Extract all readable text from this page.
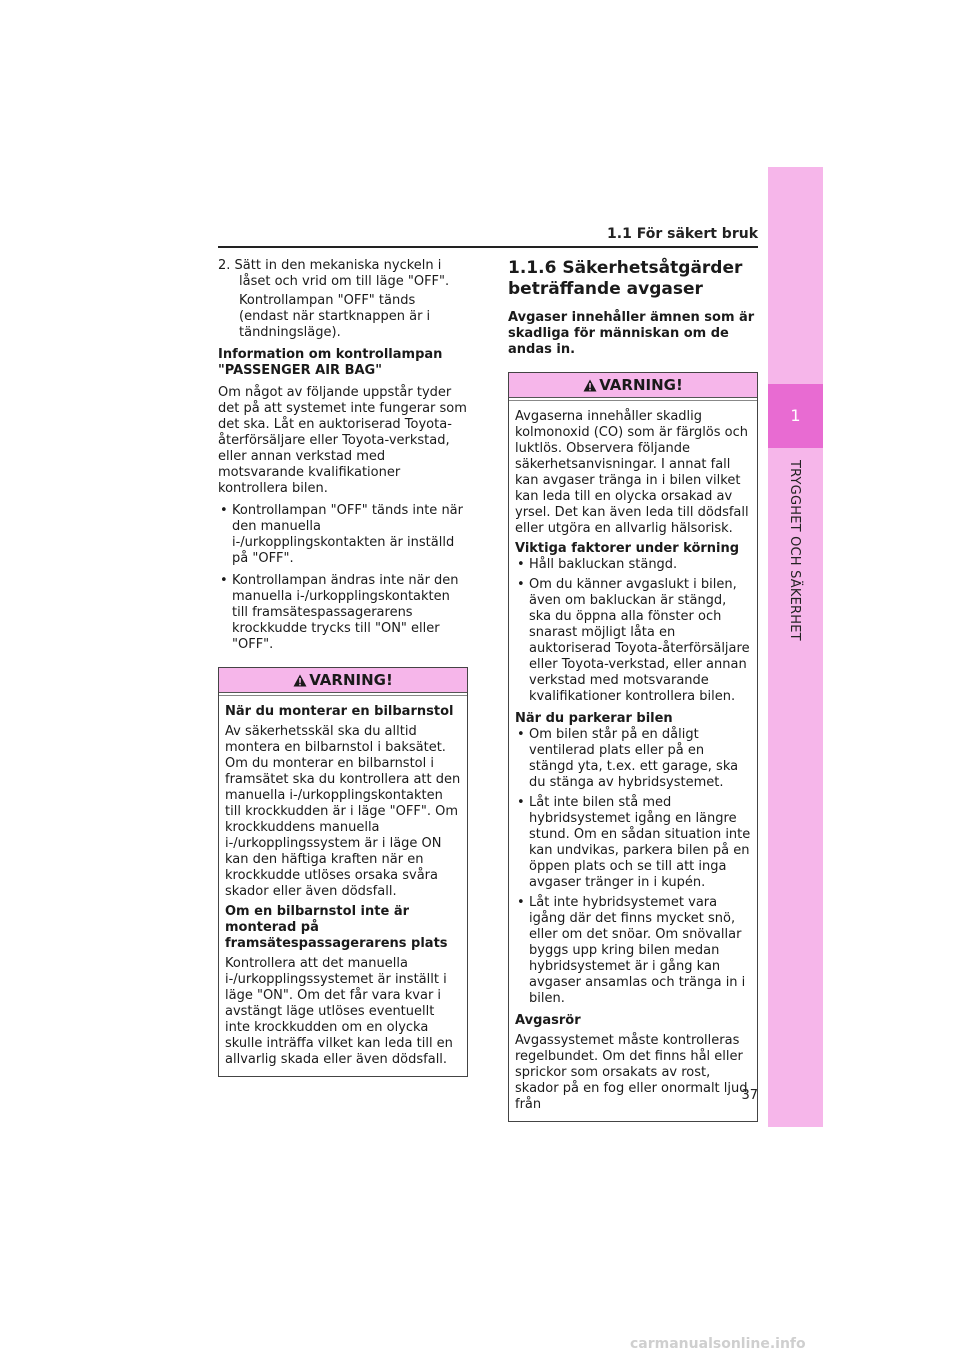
1.1 För säkert bruk
1
TRYGGHET OCH SÄKERHET

2. Sätt in den mekaniska nyckeln i låset och vrid om till läge "OFF".

Kontrollampan "OFF" tänds (endast när startknappen är i tändningsläge).

Information om kontrollampan "PASSENGER AIR BAG"

Om något av följande uppstår tyder det på att systemet inte fungerar som det ska. Låt en auktoriserad Toyota-återförsäljare eller Toyota-verkstad, eller annan verkstad med motsvarande kvalifikationer kontrollera bilen.

• Kontrollampan "OFF" tänds inte när den manuella i-/urkopplingskontakten är inställd på "OFF".
• Kontrollampan ändras inte när den manuella i-/urkopplingskontakten till framsätespassagerarens krockkudde trycks till "ON" eller "OFF".
VARNING!

När du monterar en bilbarnstol

Av säkerhetsskäl ska du alltid montera en bilbarnstol i baksätet. Om du monterar en bilbarnstol i framsätet ska du kontrollera att den manuella i-/urkopplingskontakten till krockkudden är i läge "OFF". Om krockkuddens manuella i-/urkopplingssystem är i läge ON kan den häftiga kraften när en krockkudde utlöses orsaka svåra skador eller även dödsfall.

Om en bilbarnstol inte är monterad på framsätespassagerarens plats

Kontrollera att det manuella i-/urkopplingssystemet är inställt i läge "ON". Om det får vara kvar i avstängt läge utlöses eventuellt inte krockkudden om en olycka skulle inträffa vilket kan leda till en allvarlig skada eller även dödsfall.

1.1.6 Säkerhetsåtgärder
beträffande avgaser

Avgaser innehåller ämnen som är skadliga för människan om de andas in.

VARNING!

Avgaserna innehåller skadlig kolmonoxid (CO) som är färglös och luktlös. Observera följande säkerhetsanvisningar. I annat fall kan avgaser tränga in i bilen vilket kan leda till en olycka orsakad av yrsel. Det kan även leda till dödsfall eller utgöra en allvarlig hälsorisk.

Viktiga faktorer under körning

• Håll bakluckan stängd.
• Om du känner avgaslukt i bilen, även om bakluckan är stängd, ska du öppna alla fönster och snarast möjligt låta en auktoriserad Toyota-återförsäljare eller Toyota-verkstad, eller annan verkstad med motsvarande kvalifikationer kontrollera bilen.

När du parkerar bilen

• Om bilen står på en dåligt ventilerad plats eller på en stängd yta, t.ex. ett garage, ska du stänga av hybridsystemet.
• Låt inte bilen stå med hybridsystemet igång en längre stund. Om en sådan situation inte kan undvikas, parkera bilen på en öppen plats och se till att inga avgaser tränger in i kupén.
• Låt inte hybridsystemet vara igång där det finns mycket snö, eller om det snöar. Om snövallar byggs upp kring bilen medan hybridsystemet är i gång kan avgaser ansamlas och tränga in i bilen.

Avgasrör

Avgassystemet måste kontrolleras regelbundet. Om det finns hål eller sprickor som orsakats av rost, skador på en fog eller onormalt ljud från

37
carmanualsonline.info
